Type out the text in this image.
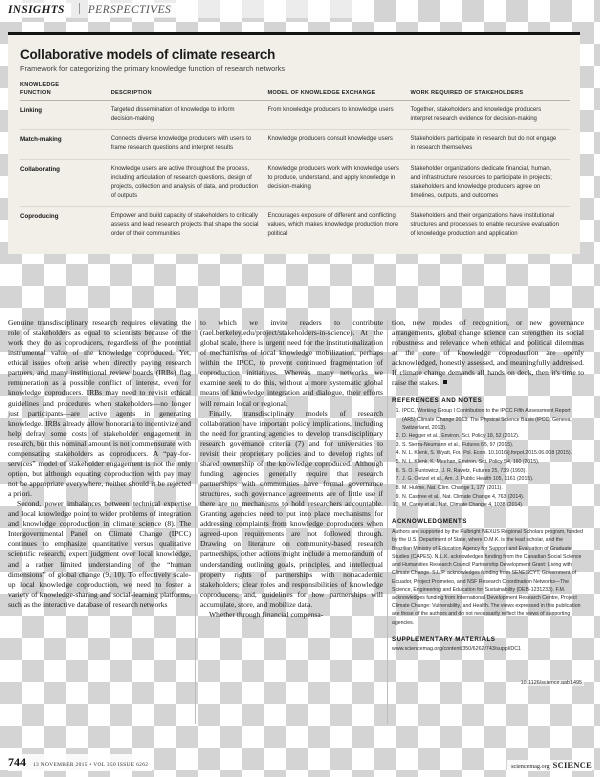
INSIGHTS	PERSPECTIVES
Collaborative models of climate research
Framework for categorizing the primary knowledge function of research networks
KNOWLEDGE
FUNCTION	DESCRIPTION	MODEL OF KNOWLEDGE EXCHANGE	WORK REQUIRED OF STAKEHOLDERS
Linking	Targeted dissemination of knowledge to inform decision-making	From knowledge producers to knowledge users	Together, stakeholders and knowledge producers interpret research evidence for decision-making
Match-making	Connects diverse knowledge producers with users to frame research questions and interpret results	Knowledge producers consult knowledge users	Stakeholders participate in research but do not engage in research themselves
Collaborating	Knowledge users are active throughout the process, including articulation of research questions, design of projects, collection and analysis of data, and production of outputs	Knowledge producers work with knowledge users to produce, understand, and apply knowledge in decision-making	Stakeholder organizations dedicate financial, human, and infrastructure resources to participate in projects; stakeholders and knowledge producers agree on timelines, outputs, and outcomes
Coproducing	Empower and build capacity of stakeholders to critically assess and lead research projects that shape the social order of their communities	Encourages exposure of different and conflicting values, which makes knowledge production more political	Stakeholders and their organizations have institutional structures and processes to enable recursive evaluation of knowledge production and application

Genuine transdisciplinary research requires elevating the role of stakeholders as equal to scientists because of the work they do as coproducers, regardless of the potential instrumental value of the knowledge coproduced. Yet, ethical issues often arise when directly paying research partners, and many institutional review boards (IRBs) flag remuneration as a possible conflict of interest, even for knowledge coproducers. IRBs may need to revisit ethical guidelines and procedures when stakeholders—no longer just participants—are active agents in generating knowledge. IRBs already allow honoraria to incentivize and help defray some costs of stakeholder engagement in research, but this nominal amount is not commensurate with compensating stakeholders as coproducers. A “pay-for-services” model of stakeholder engagement is not the only option, but although equating coproduction with pay may not be appropriate everywhere, neither should it be rejected a priori.

Second, power imbalances between technical expertise and local knowledge point to wider problems of integration and knowledge coproduction in climate science (8). The Intergovernmental Panel on Climate Change (IPCC) continues to emphasize quantitative versus qualitative scientific research, expert judgment over local knowledge, and a rather limited understanding of the “human dimensions” of global change (9, 10). To effectively scale-up local knowledge coproduction, we need to foster a variety of knowledge-sharing and social-learning platforms, such as the interactive database of research networks

to which we invite readers to contribute (rael.berkeley.edu/project/stakeholders-in-science). At the global scale, there is urgent need for the institutionalization of mechanisms of local knowledge mobilization, perhaps within the IPCC, to prevent continued fragmentation of coproduction initiatives. Whereas many networks we examine seek to do this, without a more systematic global means of knowledge integration and dialogue, their efforts will remain local or regional.

Finally, transdisciplinary models of research collaboration have important policy implications, including the need for granting agencies to develop transdisciplinary research governance criteria (7) and for universities to revisit their proprietary policies and to develop rights of shared ownership of the knowledge coproduced. Although funding agencies generally require that research partnerships with communities have formal governance structures, such governance agreements are of little use if there are no mechanisms to hold researchers accountable. Granting agencies need to put into place mechanisms for addressing complaints from knowledge coproducers when agreed-upon requirements are not followed through. Drawing on literature on community-based research partnerships, other actions might include a memorandum of understanding outlining goals, principles, and intellectual property rights of partnerships with nonacademic stakeholders; clear roles and responsibilities of knowledge coproducers; and, guidelines for how partnerships will accumulate, store, and mobilize data.

Whether through financial compensa-

tion, new modes of recognition, or new governance arrangements, global change science can strengthen its social robustness and relevance when ethical and political dilemmas at the core of knowledge coproduction are openly acknowledged, honestly assessed, and meaningfully addressed. If climate change demands all hands on deck, then it's time to raise the stakes.

REFERENCES AND NOTES
IPCC, Working Group I Contribution to the IPCC Fifth Assessment Report (AR5) Climate Change 2013: The Physical Science Basis (IPCC, Geneva, Switzerland, 2013).
D. Hegger et al., Environ. Sci. Policy 18, 52 (2012).
S. Sierra-Neumann et al., Futures 65, 97 (2015).
N. L. Klenk, S. Wyatt, For. Pol. Econ. 10.1016/j.forpol.2015.06.008 (2015).
N. L. Klenk, K. Meehan, Environ. Sci. Policy 54, 160 (2015).
S. O. Funtowicz, J. R. Ravetz, Futures 25, 739 (1993).
J. G. Oetzel et al., Am. J. Public Health 105, 1161 (2015).
M. Hulme, Nat. Clim. Change 1, 177 (2011).
N. Castree et al., Nat. Climate Change 4, 763 (2014).
M. Carey et al., Nat. Climate Change 4, 1038 (2014).
ACKNOWLEDGMENTS
Authors are supported by the Fulbright NEXUS Regional Scholars program, funded by the U.S. Department of State, where D.M.K. is the lead scholar, and the Brazilian Ministry of Education Agency for Support and Evaluation of Graduate Studies (CAPES). N.L.K. acknowledges funding from the Canadian Social Science and Humanities Research Council Partnership Development Grant: Living with Climate Change. S.L.P. acknowledges funding from SENESCYT, Government of Ecuador, Project Prometeo, and NSF Research Coordination Networks—The Science, Engineering and Education for Sustainability (DEB-1231233). F.M. acknowledges funding from International Development Research Centre, Project Climate Change: Vulnerability, and Health. The views expressed in this publication are those of the authors and do not necessarily reflect the views of supporting agencies.
SUPPLEMENTARY MATERIALS
www.sciencemag.org/content/350/6262/743/suppl/DC1
10.1126/science.aab1495
744 13 NOVEMBER 2015 • VOL 350 ISSUE 6262	sciencemag.org SCIENCE
